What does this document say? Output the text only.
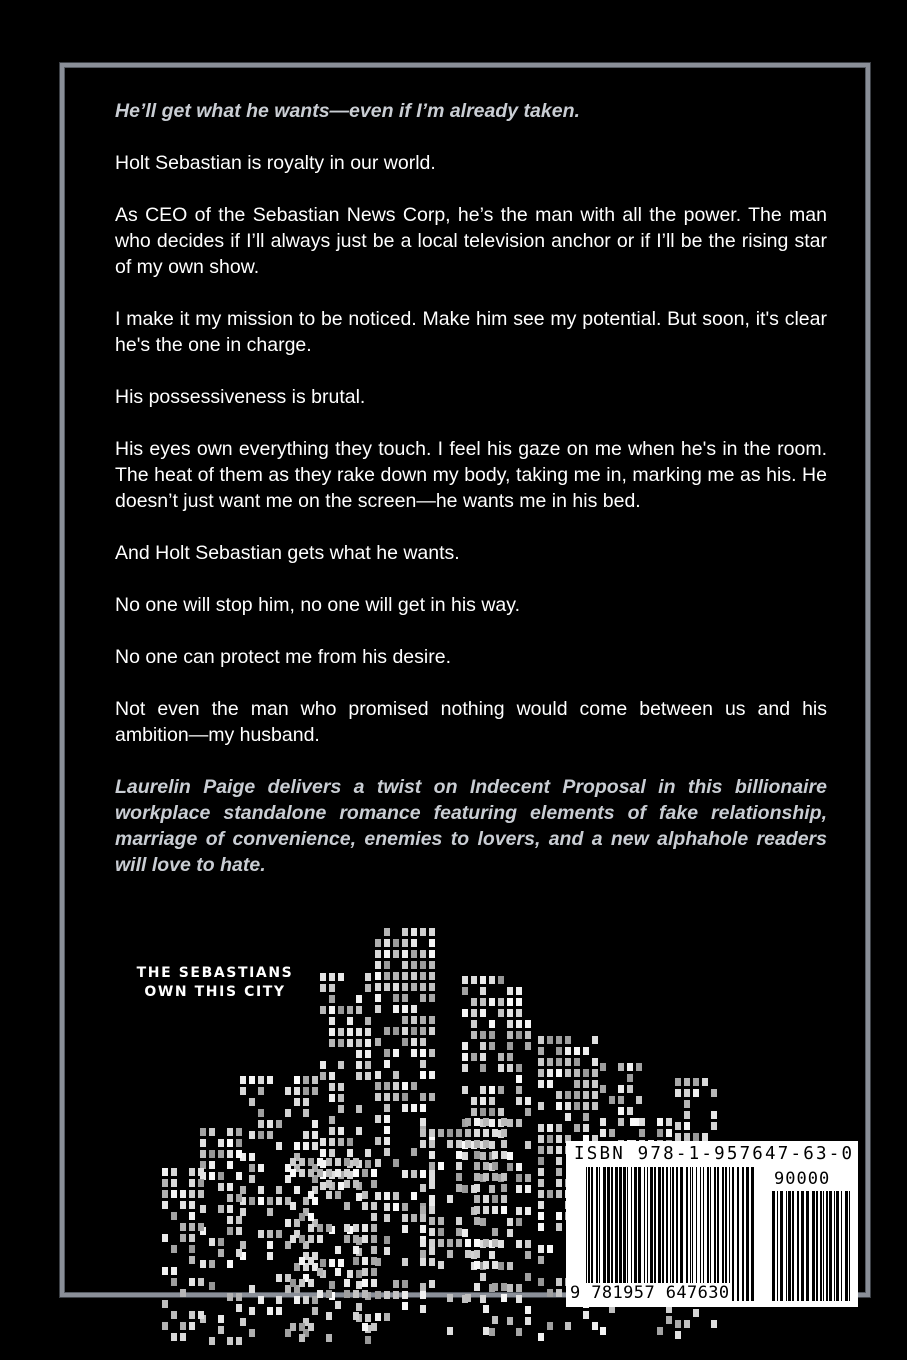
He’ll get what he wants—even if I’m already taken.

Holt Sebastian is royalty in our world.

As CEO of the Sebastian News Corp, he’s the man with all the power. The man who decides if I’ll always just be a local television anchor or if I’ll be the rising star of my own show.

I make it my mission to be noticed. Make him see my potential. But soon, it's clear he's the one in charge.

His possessiveness is brutal.

His eyes own everything they touch. I feel his gaze on me when he's in the room. The heat of them as they rake down my body, taking me in, marking me as his. He doesn’t just want me on the screen—he wants me in his bed.

And Holt Sebastian gets what he wants.

No one will stop him, no one will get in his way.

No one can protect me from his desire.

Not even the man who promised nothing would come between us and his ambition—my husband.

Laurelin Paige delivers a twist on Indecent Proposal in this billionaire workplace standalone romance featuring elements of fake relationship, marriage of convenience, enemies to lovers, and a new alphahole readers will love to hate.

THE SEBASTIANS
OWN THIS CITY
ISBN 978-1-957647-63-0
90000
9 781957 647630
